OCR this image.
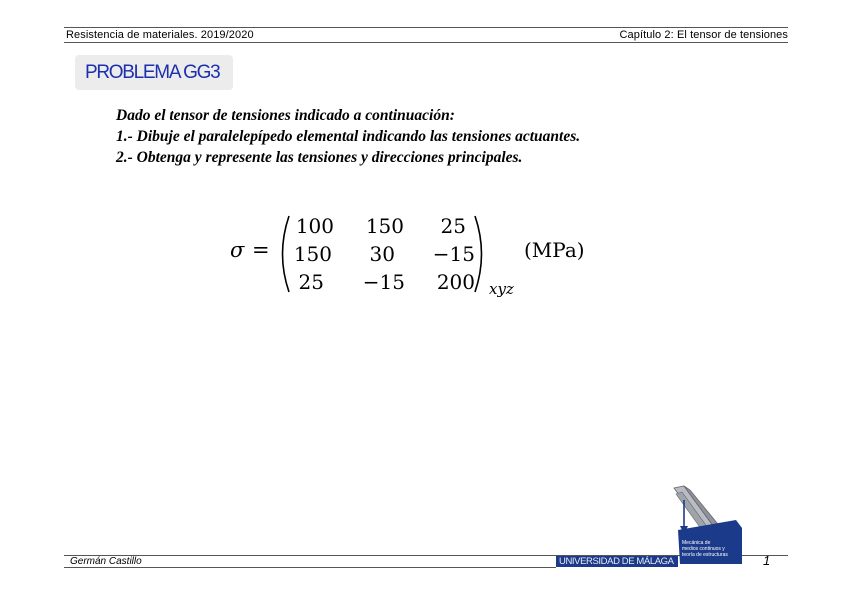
Resistencia de materiales. 2019/2020	Capítulo 2: El tensor de tensiones
PROBLEMA GG3
Dado el tensor de tensiones indicado a continuación:
1.- Dibuje el paralelepípedo elemental indicando las tensiones actuantes.
2.- Obtenga y represente las tensiones y direcciones principales.
σ =
100	150	25
150	30	−15
25	−15	200 xyz
(MPa)
Germán Castillo	UNIVERSIDAD DE MÁLAGA
Mecánica de
medios continuos y
teoría de estructuras	1
